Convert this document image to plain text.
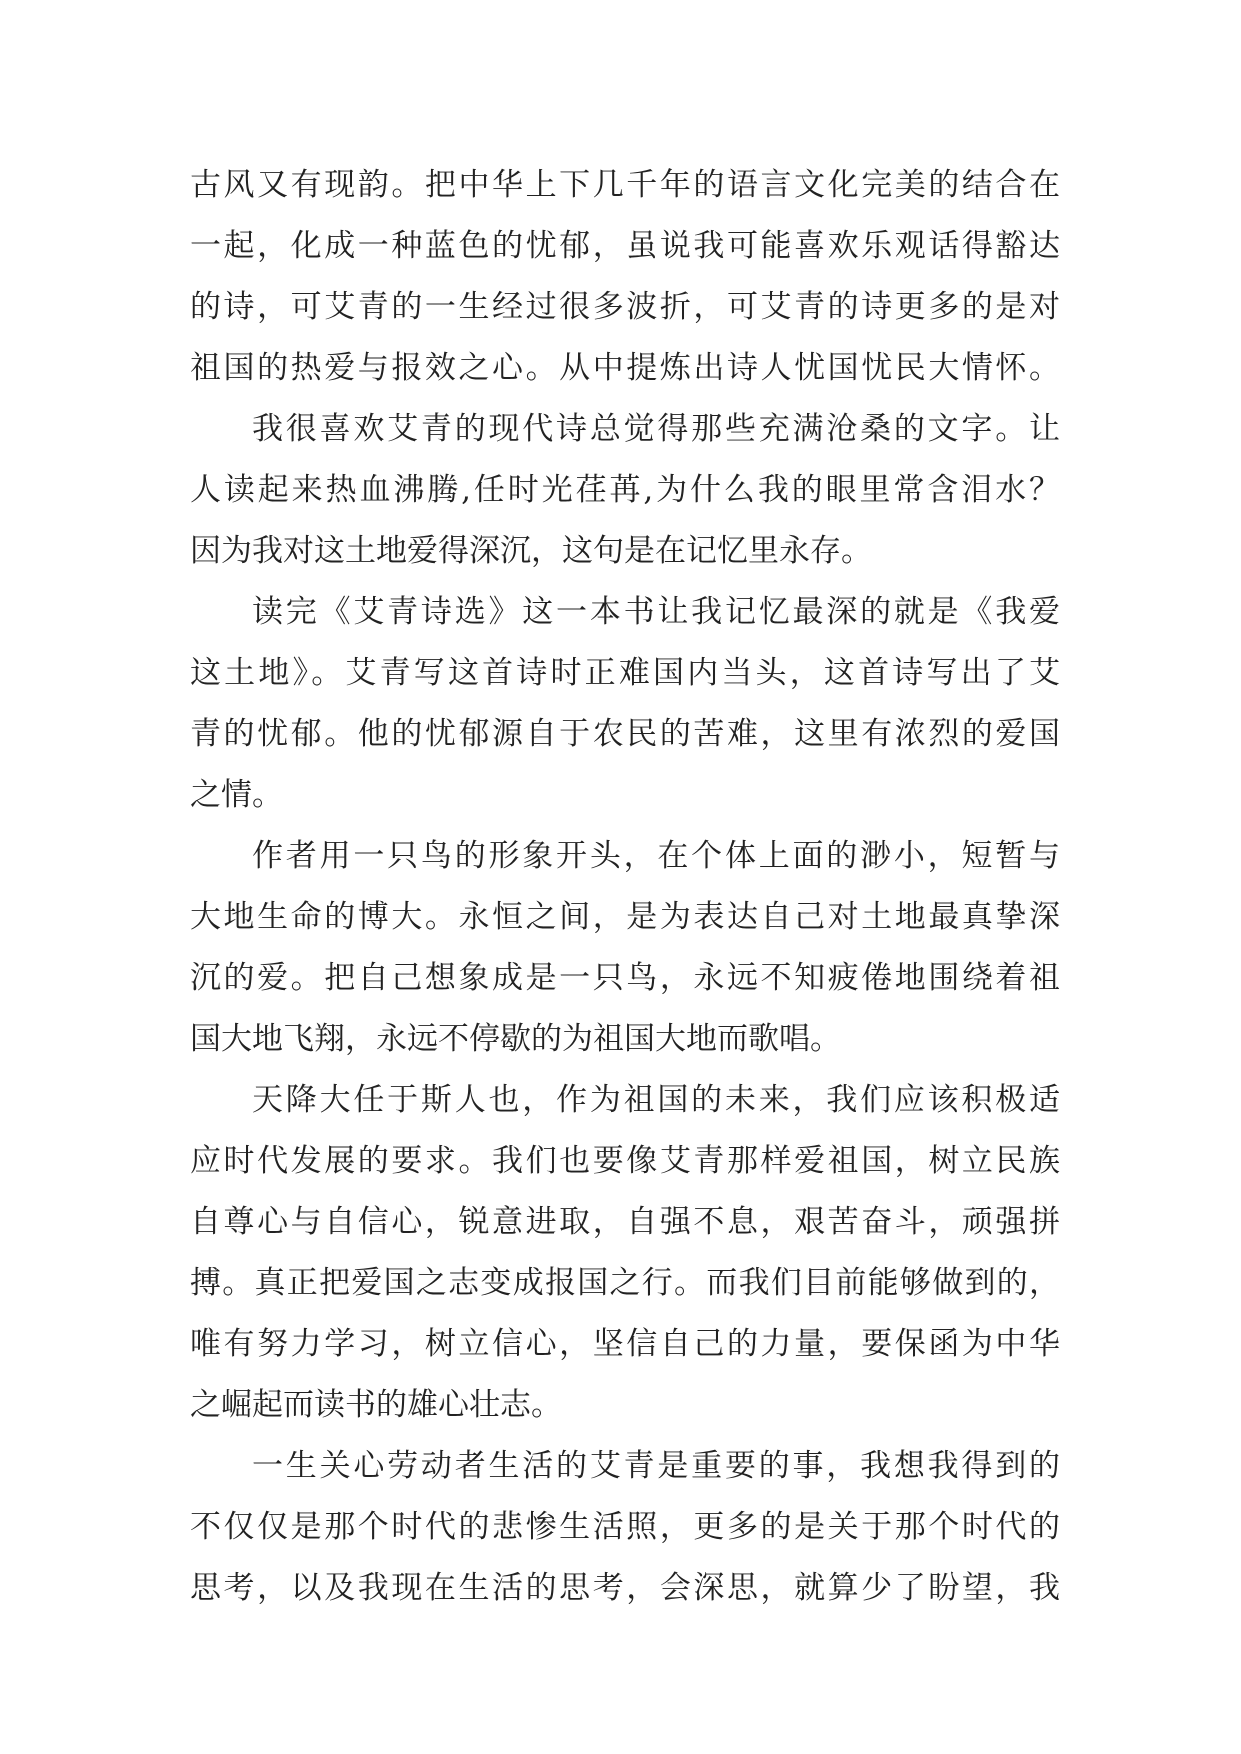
古风又有现韵。把中华上下几千年的语言文化完美的结合在
一起，化成一种蓝色的忧郁，虽说我可能喜欢乐观话得豁达
的诗，可艾青的一生经过很多波折，可艾青的诗更多的是对
祖国的热爱与报效之心。从中提炼出诗人忧国忧民大情怀。
我很喜欢艾青的现代诗总觉得那些充满沧桑的文字。让
人读起来热血沸腾,任时光荏苒,为什么我的眼里常含泪水？
因为我对这土地爱得深沉，这句是在记忆里永存。
读完《艾青诗选》这一本书让我记忆最深的就是《我爱
这土地》。艾青写这首诗时正难国内当头，这首诗写出了艾
青的忧郁。他的忧郁源自于农民的苦难，这里有浓烈的爱国
之情。
作者用一只鸟的形象开头，在个体上面的渺小，短暂与
大地生命的博大。永恒之间，是为表达自己对土地最真挚深
沉的爱。把自己想象成是一只鸟，永远不知疲倦地围绕着祖
国大地飞翔，永远不停歇的为祖国大地而歌唱。
天降大任于斯人也，作为祖国的未来，我们应该积极适
应时代发展的要求。我们也要像艾青那样爱祖国，树立民族
自尊心与自信心，锐意进取，自强不息，艰苦奋斗，顽强拼
搏。真正把爱国之志变成报国之行。而我们目前能够做到的，
唯有努力学习，树立信心，坚信自己的力量，要保函为中华
之崛起而读书的雄心壮志。
一生关心劳动者生活的艾青是重要的事，我想我得到的
不仅仅是那个时代的悲惨生活照，更多的是关于那个时代的
思考，以及我现在生活的思考，会深思，就算少了盼望，我
